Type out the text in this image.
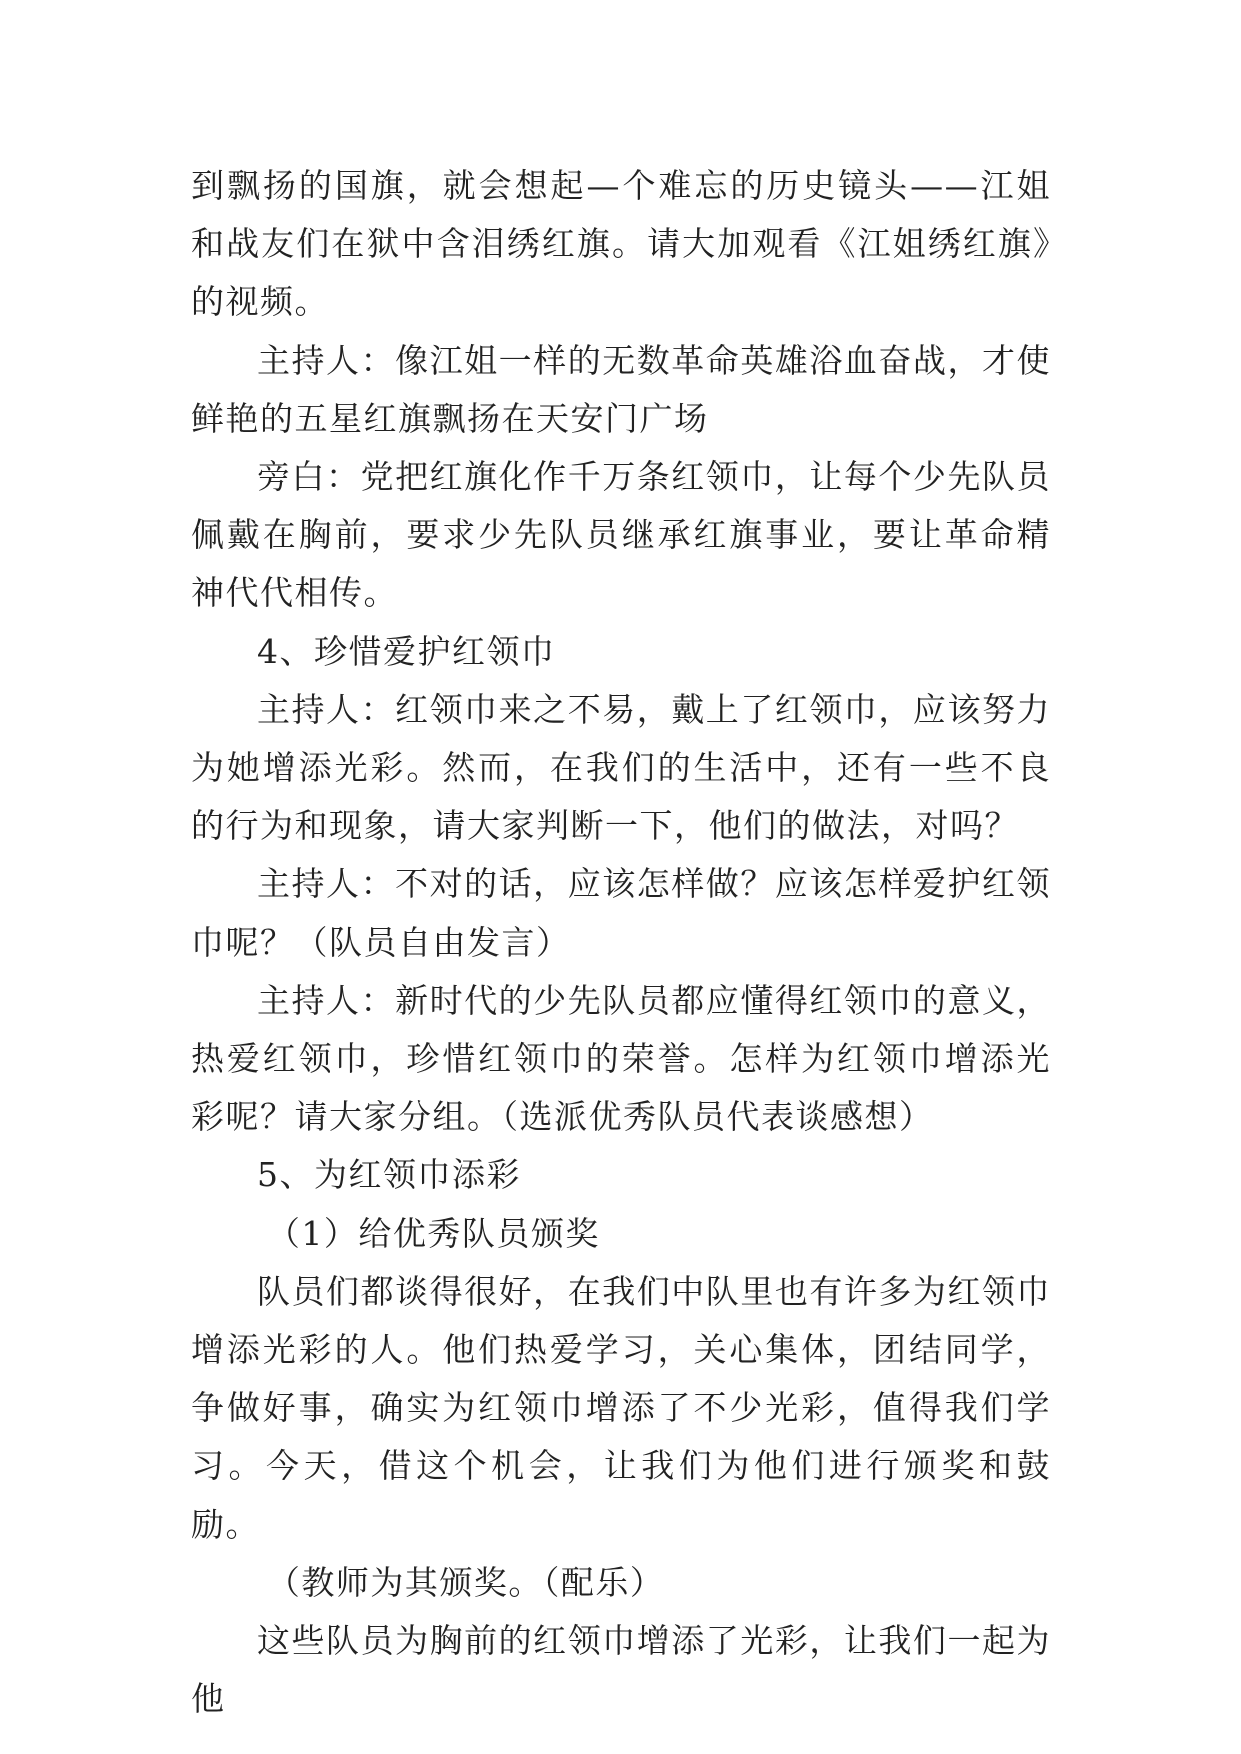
到飘扬的国旗，就会想起—个难忘的历史镜头——江姐和战友们在狱中含泪绣红旗。请大加观看《江姐绣红旗》的视频。

主持人：像江姐一样的无数革命英雄浴血奋战，才使鲜艳的五星红旗飘扬在天安门广场

旁白：党把红旗化作千万条红领巾，让每个少先队员佩戴在胸前，要求少先队员继承红旗事业，要让革命精神代代相传。

4、珍惜爱护红领巾

主持人：红领巾来之不易，戴上了红领巾，应该努力为她增添光彩。然而，在我们的生活中，还有一些不良的行为和现象，请大家判断一下，他们的做法，对吗？

主持人：不对的话，应该怎样做？应该怎样爱护红领巾呢？（队员自由发言）

主持人：新时代的少先队员都应懂得红领巾的意义，热爱红领巾，珍惜红领巾的荣誉。怎样为红领巾增添光彩呢？请大家分组。（选派优秀队员代表谈感想）

5、为红领巾添彩

（1）给优秀队员颁奖

队员们都谈得很好，在我们中队里也有许多为红领巾增添光彩的人。他们热爱学习，关心集体，团结同学，争做好事，确实为红领巾增添了不少光彩，值得我们学习。今天，借这个机会，让我们为他们进行颁奖和鼓励。

（教师为其颁奖。（配乐）

这些队员为胸前的红领巾增添了光彩，让我们一起为他
